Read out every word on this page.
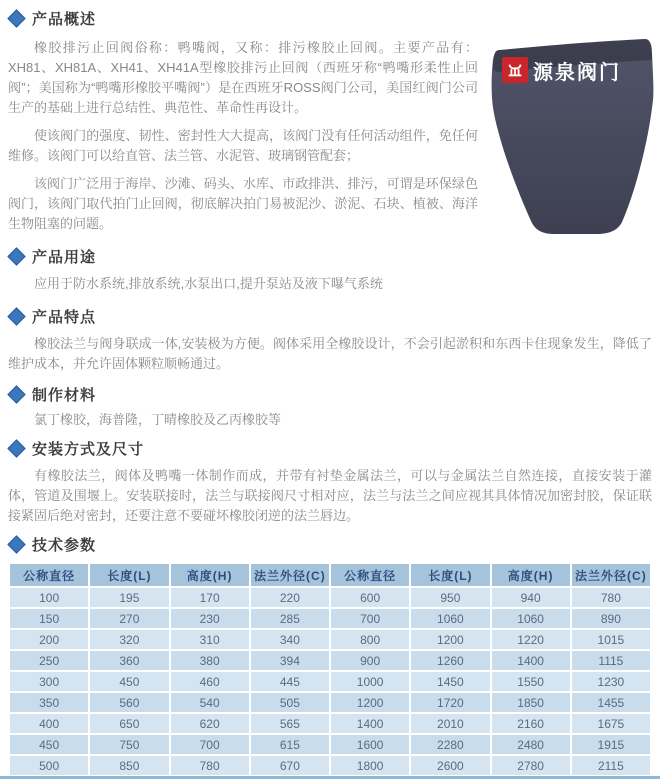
源泉阀门
产品概述

橡胶排污止回阀俗称：鸭嘴阀，又称：排污橡胶止回阀。主要产品有：XH81、XH81A、XH41、XH41A型橡胶排污止回阀（西班牙称“鸭嘴形柔性止回阀”；美国称为“鸭嘴形橡胶平嘴阀”）是在西班牙ROSS阀门公司，美国红阀门公司生产的基础上进行总结性、典范性、革命性再设计。

使该阀门的强度、韧性、密封性大大提高，该阀门没有任何活动组件，免任何维修。该阀门可以给直管、法兰管、水泥管、玻璃钢管配套；

该阀门广泛用于海岸、沙滩、码头、水库、市政排洪、排污，可谓是环保绿色阀门，该阀门取代拍门止回阀，彻底解决拍门易被泥沙、淤泥、石块、植被、海洋生物阻塞的问题。

产品用途

应用于防水系统,排放系统,水泵出口,提升泵站及液下曝气系统

产品特点

橡胶法兰与阀身联成一体,安装极为方便。阀体采用全橡胶设计，不会引起淤积和东西卡住现象发生，降低了维护成本，并允许固体颗粒顺畅通过。

制作材料

氯丁橡胶，海普隆，丁晴橡胶及乙丙橡胶等

安装方式及尺寸

有橡胶法兰，阀体及鸭嘴一体制作而成，并带有衬垫金属法兰，可以与金属法兰自然连接，直接安装于灌体，管道及围堰上。安装联接时，法兰与联接阀尺寸相对应，法兰与法兰之间应视其具体情况加密封胶，保证联接紧固后绝对密封，还要注意不要碰坏橡胶闭逆的法兰唇边。

技术参数
公称直径	长度(L)	高度(H)	法兰外径(C)	公称直径	长度(L)	高度(H)	法兰外径(C)
100	195	170	220	600	950	940	780
150	270	230	285	700	1060	1060	890
200	320	310	340	800	1200	1220	1015
250	360	380	394	900	1260	1400	1115
300	450	460	445	1000	1450	1550	1230
350	560	540	505	1200	1720	1850	1455
400	650	620	565	1400	2010	2160	1675
450	750	700	615	1600	2280	2480	1915
500	850	780	670	1800	2600	2780	2115
